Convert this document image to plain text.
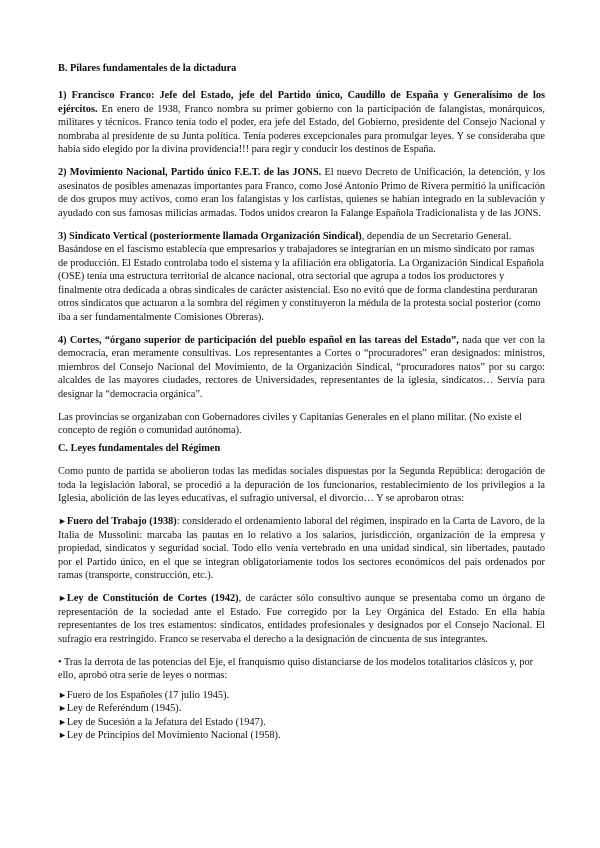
B. Pilares fundamentales de la dictadura

1) Francisco Franco: Jefe del Estado, jefe del Partido único, Caudillo de España y Generalísimo de los ejércitos. En enero de 1938, Franco nombra su primer gobierno con la participación de falangistas, monárquicos, militares y técnicos. Franco tenía todo el poder, era jefe del Estado, del Gobierno, presidente del Consejo Nacional y nombraba al presidente de su Junta política. Tenía poderes excepcionales para promulgar leyes. Y se consideraba que había sido elegido por la divina providencia!!! para regir y conducir los destinos de España.

2) Movimiento Nacional, Partido único F.E.T. de las JONS. El nuevo Decreto de Unificación, la detención, y los asesinatos de posibles amenazas importantes para Franco, como José Antonio Primo de Rivera permitió la unificación de dos grupos muy activos, como eran los falangistas y los carlistas, quienes se habían integrado en la sublevación y ayudado con sus famosas milicias armadas. Todos unidos crearon la Falange Española Tradicionalista y de las JONS.

3) Sindicato Vertical (posteriormente llamada Organización Sindical), dependía de un Secretario General. Basándose en el fascismo establecía que empresarios y trabajadores se integrarían en un mismo sindicato por ramas de producción. El Estado controlaba todo el sistema y la afiliación era obligatoria. La Organización Sindical Española (OSE) tenía una estructura territorial de alcance nacional, otra sectorial que agrupa a todos los productores y finalmente otra dedicada a obras sindicales de carácter asistencial. Eso no evitó que de forma clandestina perduraran otros sindicatos que actuaron a la sombra del régimen y constituyeron la médula de la protesta social posterior (como iba a ser fundamentalmente Comisiones Obreras).

4) Cortes, “órgano superior de participación del pueblo español en las tareas del Estado”, nada que ver con la democracia, eran meramente consultivas. Los representantes a Cortes o “procuradores” eran designados: ministros, miembros del Consejo Nacional del Movimiento, de la Organización Sindical, “procuradores natos” por su cargo: alcaldes de las mayores ciudades, rectores de Universidades, representantes de la iglesia, sindicatos… Servía para designar la “democracia orgánica”.

Las provincias se organizaban con Gobernadores civiles y Capitanías Generales en el plano militar. (No existe el concepto de región o comunidad autónoma).

C. Leyes fundamentales del Régimen

Como punto de partida se abolieron todas las medidas sociales dispuestas por la Segunda República: derogación de toda la legislación laboral, se procedió a la depuración de los funcionarios, restablecimiento de los privilegios a la Iglesia, abolición de las leyes educativas, el sufragio universal, el divorcio… Y se aprobaron otras:

►Fuero del Trabajo (1938): considerado el ordenamiento laboral del régimen, inspirado en la Carta de Lavoro, de la Italia de Mussolini: marcaba las pautas en lo relativo a los salarios, jurisdicción, organización de la empresa y propiedad, sindicatos y seguridad social. Todo ello venía vertebrado en una unidad sindical, sin libertades, pautado por el Partido único, en el que se integran obligatoriamente todos los sectores económicos del país ordenados por ramas (transporte, construcción, etc.).

►Ley de Constitución de Cortes (1942), de carácter sólo consultivo aunque se presentaba como un órgano de representación de la sociedad ante el Estado. Fue corregido por la Ley Orgánica del Estado. En ella había representantes de los tres estamentos: sindicatos, entidades profesionales y designados por el Consejo Nacional. El sufragio era restringido. Franco se reservaba el derecho a la designación de cincuenta de sus integrantes.

• Tras la derrota de las potencias del Eje, el franquismo quiso distanciarse de los modelos totalitarios clásicos y, por ello, aprobó otra serie de leyes o normas:

►Fuero de los Españoles (17 julio 1945).

►Ley de Referéndum (1945).

►Ley de Sucesión a la Jefatura del Estado (1947).

►Ley de Principios del Movimiento Nacional (1958).
